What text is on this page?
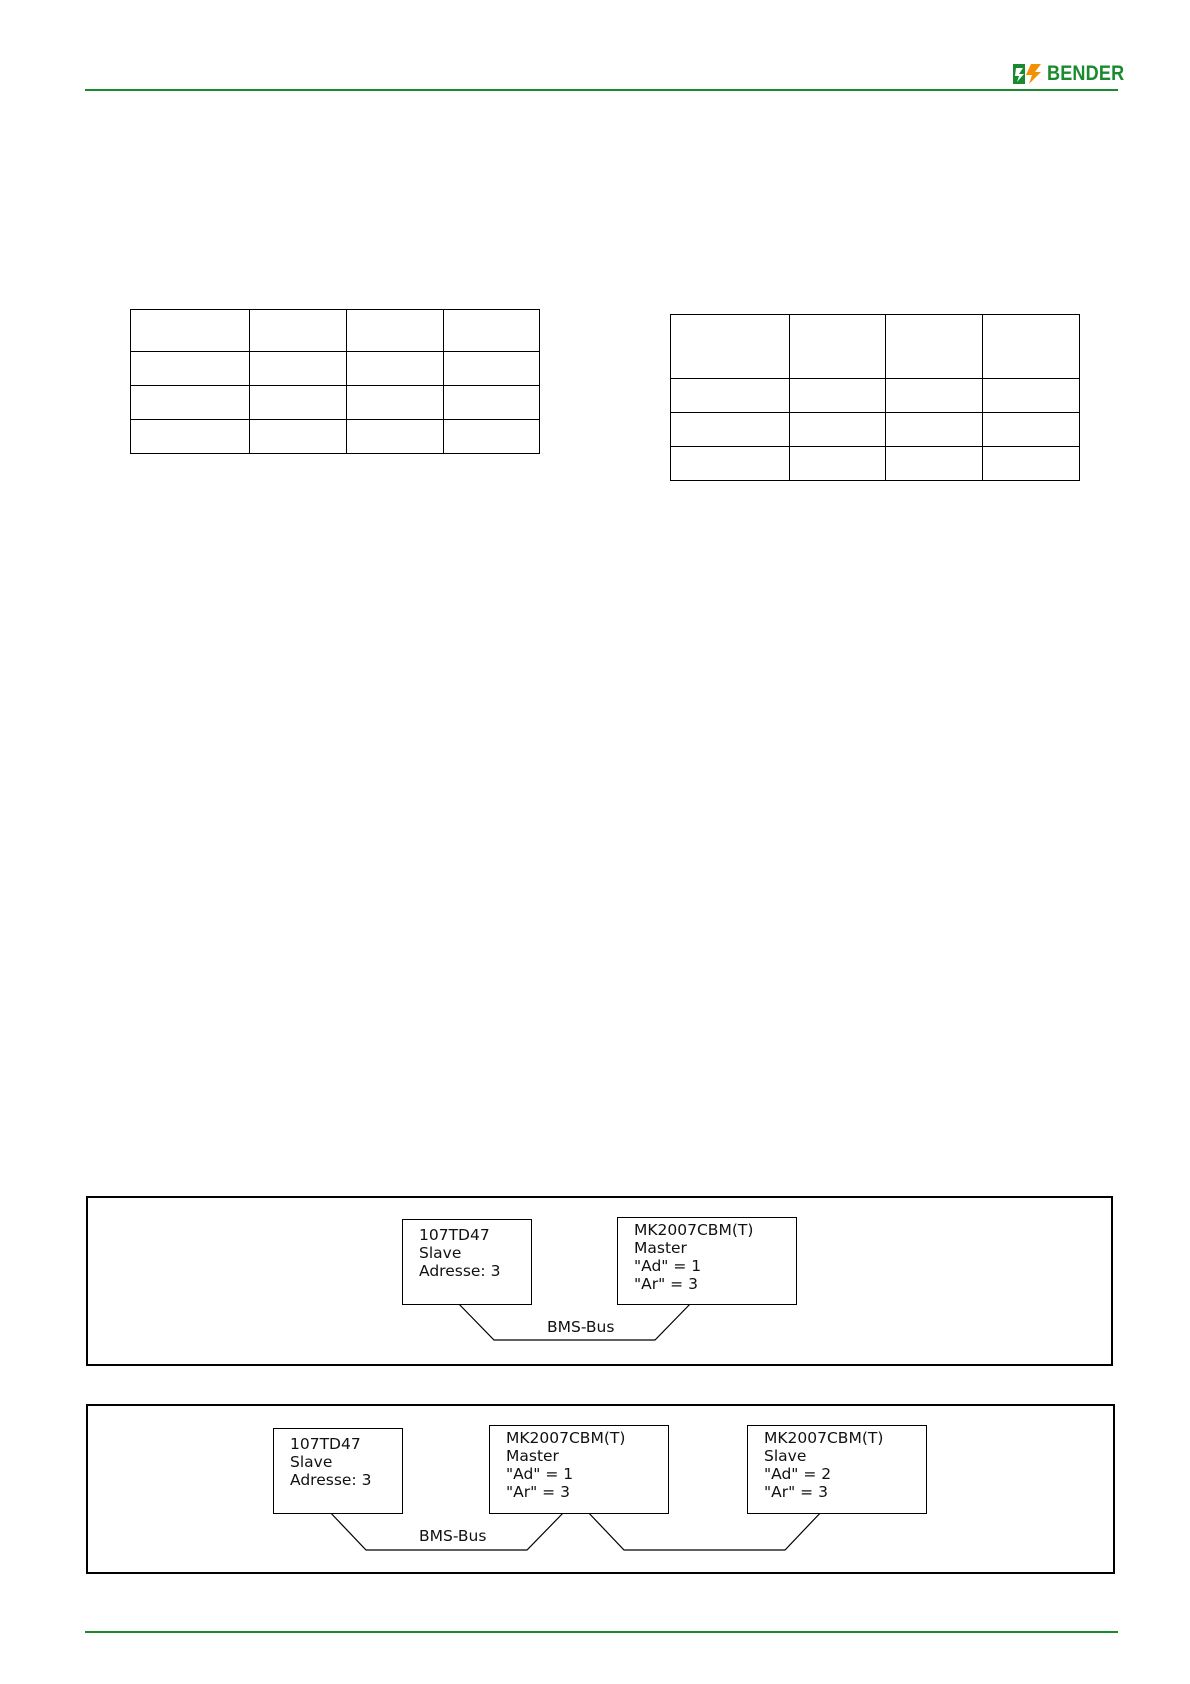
BENDER

107TD47
Slave
Adresse: 3
MK2007CBM(T)
Master
"Ad" = 1
"Ar" = 3
BMS-Bus
107TD47
Slave
Adresse: 3
MK2007CBM(T)
Master
"Ad" = 1
"Ar" = 3
MK2007CBM(T)
Slave
"Ad" = 2
"Ar" = 3
BMS-Bus
